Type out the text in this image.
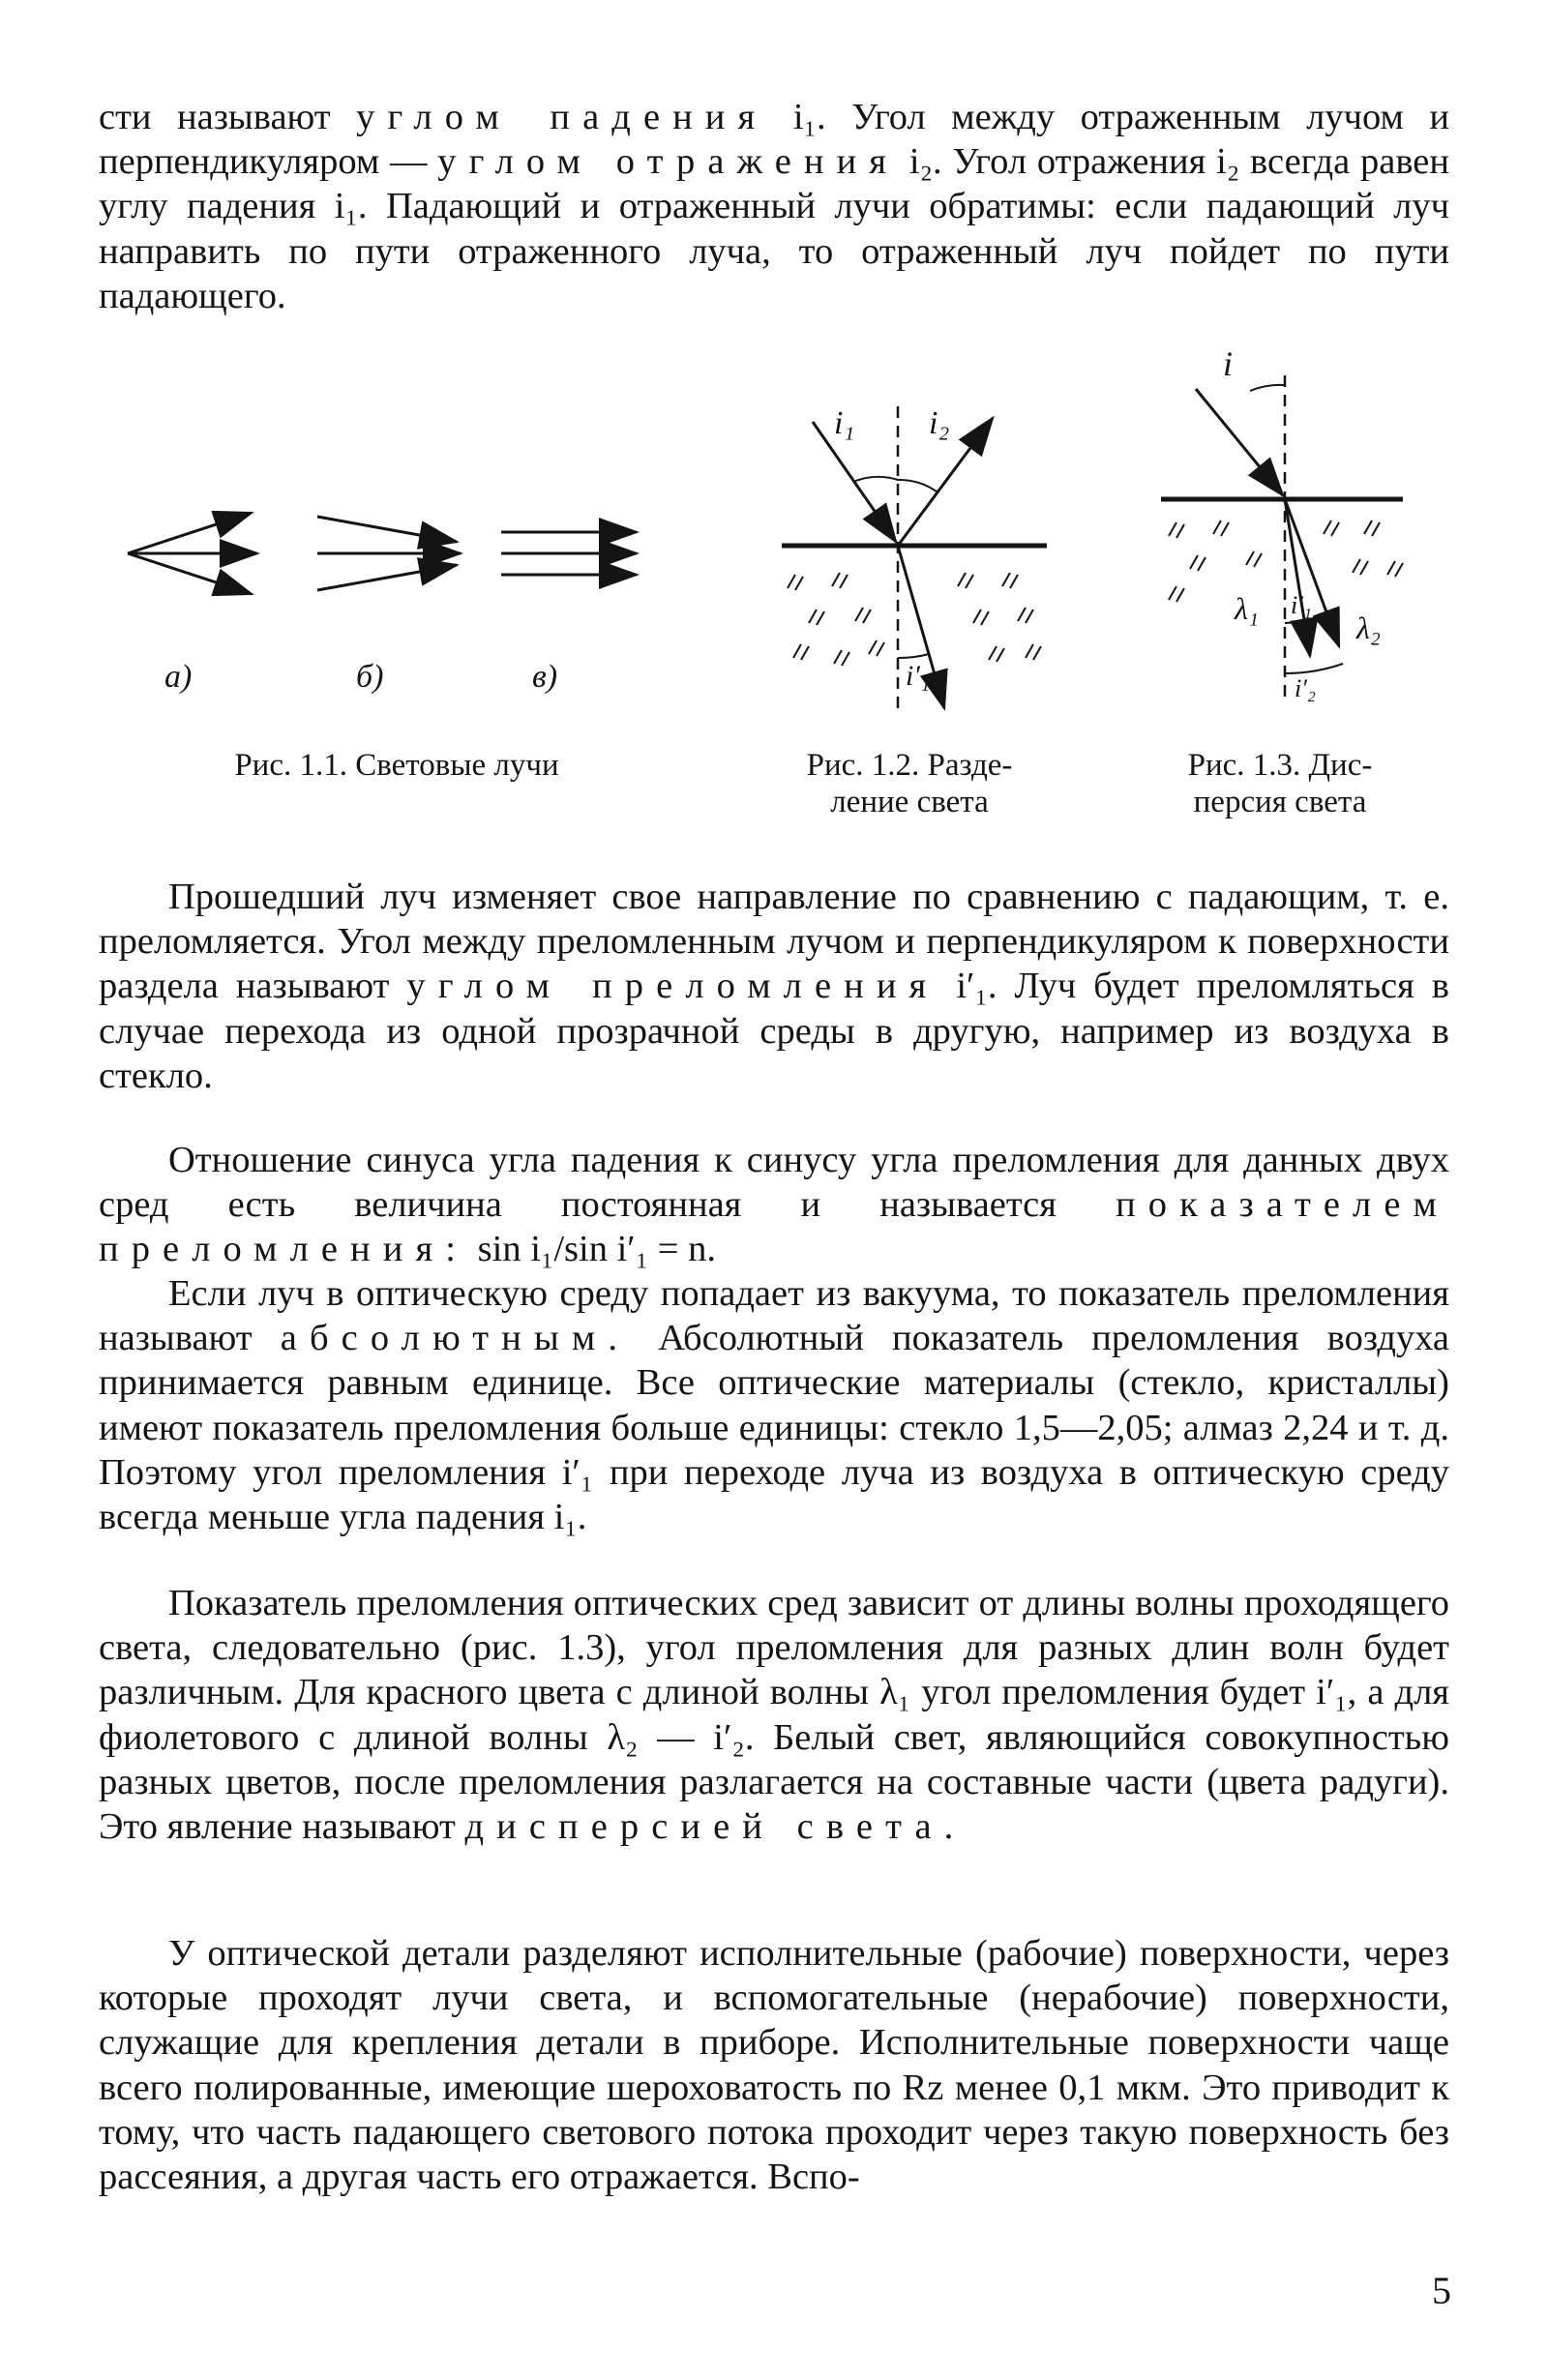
сти называют углом падения i₁. Угол между отраженным лучом и перпендикуляром — углом отражения i₂. Угол отражения i₂ всегда равен углу падения i₁. Падающий и отраженный лучи обратимы: если падающий луч направить по пути отраженного луча, то отраженный луч пойдет по пути падающего.

а)	б)	в)
Рис. 1.1. Световые лучи
i₁ i₂
i′₁
Рис. 1.2. Разде-
ление света
i
λ₁
λ₂
i′₁
i′₂
Рис. 1.3. Дис-
персия света

Прошедший луч изменяет свое направление по сравнению с падающим, т. е. преломляется. Угол между преломленным лучом и перпендикуляром к поверхности раздела называют углом преломления i′₁. Луч будет преломляться в случае перехода из одной прозрачной среды в другую, например из воздуха в стекло.

Отношение синуса угла падения к синусу угла преломления для данных двух сред есть величина постоянная и называется показателем преломления: sin i₁/sin i′₁ = n.

Если луч в оптическую среду попадает из вакуума, то показатель преломления называют абсолютным. Абсолютный показатель преломления воздуха принимается равным единице. Все оптические материалы (стекло, кристаллы) имеют показатель преломления больше единицы: стекло 1,5—2,05; алмаз 2,24 и т. д. Поэтому угол преломления i′₁ при переходе луча из воздуха в оптическую среду всегда меньше угла падения i₁.

Показатель преломления оптических сред зависит от длины волны проходящего света, следовательно (рис. 1.3), угол преломления для разных длин волн будет различным. Для красного цвета с длиной волны λ₁ угол преломления будет i′₁, а для фиолетового с длиной волны λ₂ — i′₂. Белый свет, являющийся совокупностью разных цветов, после преломления разлагается на составные части (цвета радуги). Это явление называют дисперсией света.

У оптической детали разделяют исполнительные (рабочие) поверхности, через которые проходят лучи света, и вспомогательные (нерабочие) поверхности, служащие для крепления детали в приборе. Исполнительные поверхности чаще всего полированные, имеющие шероховатость по Rz менее 0,1 мкм. Это приводит к тому, что часть падающего светового потока проходит через такую поверхность без рассеяния, а другая часть его отражается. Вспо-

5
